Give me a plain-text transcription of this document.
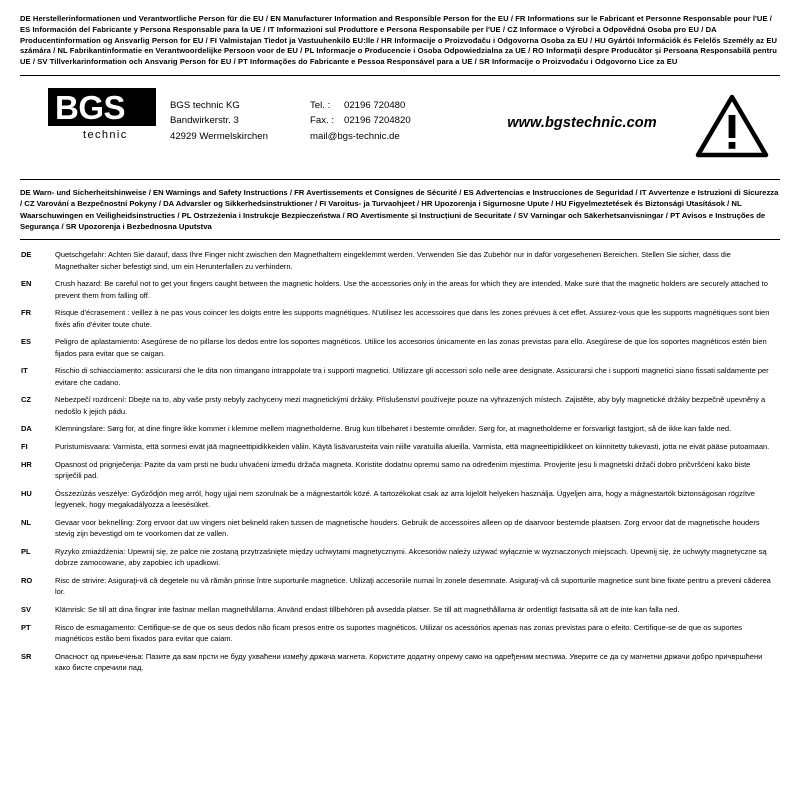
DE Herstellerinformationen und Verantwortliche Person für die EU / EN Manufacturer Information and Responsible Person for the EU / FR Informations sur le Fabricant et Personne Responsable pour l'UE / ES Información del Fabricante y Persona Responsable para la UE / IT Informazioni sul Produttore e Persona Responsabile per l'UE / CZ Informace o Výrobci a Odpovědná Osoba pro EU / DA Producentinformation og Ansvarlig Person for EU / FI Valmistajan Tiedot ja Vastuuhenkilö EU:lle / HR Informacije o Proizvođaču i Odgovorna Osoba za EU / HU Gyártói Információk és Felelős Személy az EU számára / NL Fabrikantinformatie en Verantwoordelijke Persoon voor de EU / PL Informacje o Producencie i Osoba Odpowiedzialna za UE / RO Informaţii despre Producător şi Persoana Responsabilă pentru UE / SV Tillverkarinformation och Ansvarig Person för EU / PT Informações do Fabricante e Pessoa Responsável para a UE / SR Informacije o Proizvođaču i Odgovorno Lice za EU
BGS	®
technic
BGS technic KG
Bandwirkerstr. 3
42929 Wermelskirchen
Tel. :	02196 720480
Fax. :	02196 7204820
mail@bgs-technic.de
www.bgstechnic.com
DE Warn- und Sicherheitshinweise / EN Warnings and Safety Instructions / FR Avertissements et Consignes de Sécurité / ES Advertencias e Instrucciones de Seguridad / IT Avvertenze e Istruzioni di Sicurezza / CZ Varování a Bezpečnostní Pokyny / DA Advarsler og Sikkerhedsinstruktioner / FI Varoitus- ja Turvaohjeet / HR Upozorenja i Sigurnosne Upute / HU Figyelmeztetések és Biztonsági Utasítások / NL Waarschuwingen en Veiligheidsinstructies / PL Ostrzeżenia i Instrukcje Bezpieczeństwa / RO Avertismente și Instrucțiuni de Securitate / SV Varningar och Säkerhetsanvisningar / PT Avisos e Instruções de Segurança / SR Upozorenja i Bezbednosna Uputstva
DE	Quetschgefahr: Achten Sie darauf, dass Ihre Finger nicht zwischen den Magnethaltern eingeklemmt werden. Verwenden Sie das Zubehör nur in dafür vorgesehenen Bereichen. Stellen Sie sicher, dass die Magnethalter sicher befestigt sind, um ein Herunterfallen zu verhindern.
EN	Crush hazard: Be careful not to get your fingers caught between the magnetic holders. Use the accessories only in the areas for which they are intended. Make sure that the magnetic holders are securely attached to prevent them from falling off.
FR	Risque d'écrasement : veillez à ne pas vous coincer les doigts entre les supports magnétiques. N'utilisez les accessoires que dans les zones prévues à cet effet. Assurez-vous que les supports magnétiques sont bien fixés afin d'éviter toute chute.
ES	Peligro de aplastamiento: Asegúrese de no pillarse los dedos entre los soportes magnéticos. Utilice los accesorios únicamente en las zonas previstas para ello. Asegúrese de que los soportes magnéticos estén bien fijados para evitar que se caigan.
IT	Rischio di schiacciamento: assicurarsi che le dita non rimangano intrappolate tra i supporti magnetici. Utilizzare gli accessori solo nelle aree designate. Assicurarsi che i supporti magnetici siano fissati saldamente per evitare che cadano.
CZ	Nebezpečí rozdrcení: Dbejte na to, aby vaše prsty nebyly zachyceny mezi magnetickými držáky. Příslušenství používejte pouze na vyhrazených místech. Zajistěte, aby byly magnetické držáky bezpečně upevněny a nedošlo k jejich pádu.
DA	Klemningsfare: Sørg for, at dine fingre ikke kommer i klemme mellem magnetholderne. Brug kun tilbehøret i bestemte områder. Sørg for, at magnetholderne er forsvarligt fastgjort, så de ikke kan falde ned.
FI	Puristumisvaara: Varmista, että sormesi eivät jää magneettipidikkeiden väliin. Käytä lisävarusteita vain niille varatuilla alueilla. Varmista, että magneettipidikkeet on kiinnitetty tukevasti, jotta ne eivät pääse putoamaan.
HR	Opasnost od prignječenja: Pazite da vam prsti ne budu uhvaćeni između držača magneta. Koristite dodatnu opremu samo na određenim mjestima. Provjerite jesu li magnetski držači dobro pričvršćeni kako biste spriječili pad.
HU	Összezúzás veszélye: Győződjön meg arról, hogy ujjai nem szorulnak be a mágnestartók közé. A tartozékokat csak az arra kijelölt helyeken használja. Ügyeljen arra, hogy a mágnestartók biztonságosan rögzítve legyenek, hogy megakadályozza a leesésüket.
NL	Gevaar voor beknelling: Zorg ervoor dat uw vingers niet bekneld raken tussen de magnetische houders. Gebruik de accessoires alleen op de daarvoor bestemde plaatsen. Zorg ervoor dat de magnetische houders stevig zijn bevestigd om te voorkomen dat ze vallen.
PL	Ryzyko zmiażdżenia: Upewnij się, że palce nie zostaną przytrzaśnięte między uchwytami magnetycznymi. Akcesoriów należy używać wyłącznie w wyznaczonych miejscach. Upewnij się, że uchwyty magnetyczne są dobrze zamocowane, aby zapobiec ich upadkowi.
RO	Risc de strivire: Asiguraţi-vă că degetele nu vă rămân prinse între suporturile magnetice. Utilizaţi accesoriile numai în zonele desemnate. Asiguraţi-vă că suporturile magnetice sunt bine fixate pentru a preveni căderea lor.
SV	Klämrisk: Se till att dina fingrar inte fastnar mellan magnethållarna. Använd endast tillbehören på avsedda platser. Se till att magnethållarna är ordentligt fastsatta så att de inte kan falla ned.
PT	Risco de esmagamento: Certifique-se de que os seus dedos não ficam presos entre os suportes magnéticos. Utilizar os acessórios apenas nas zonas previstas para o efeito. Certifique-se de que os suportes magnéticos estão bem fixados para evitar que caiam.
SR	Опасност од прињечења: Пазите да вам прсти не буду ухваћени између држача магнета. Користите додатну опрему само на одређеним местима. Уверите се да су магнетни држачи добро причвршћени како бисте спречили пад.
